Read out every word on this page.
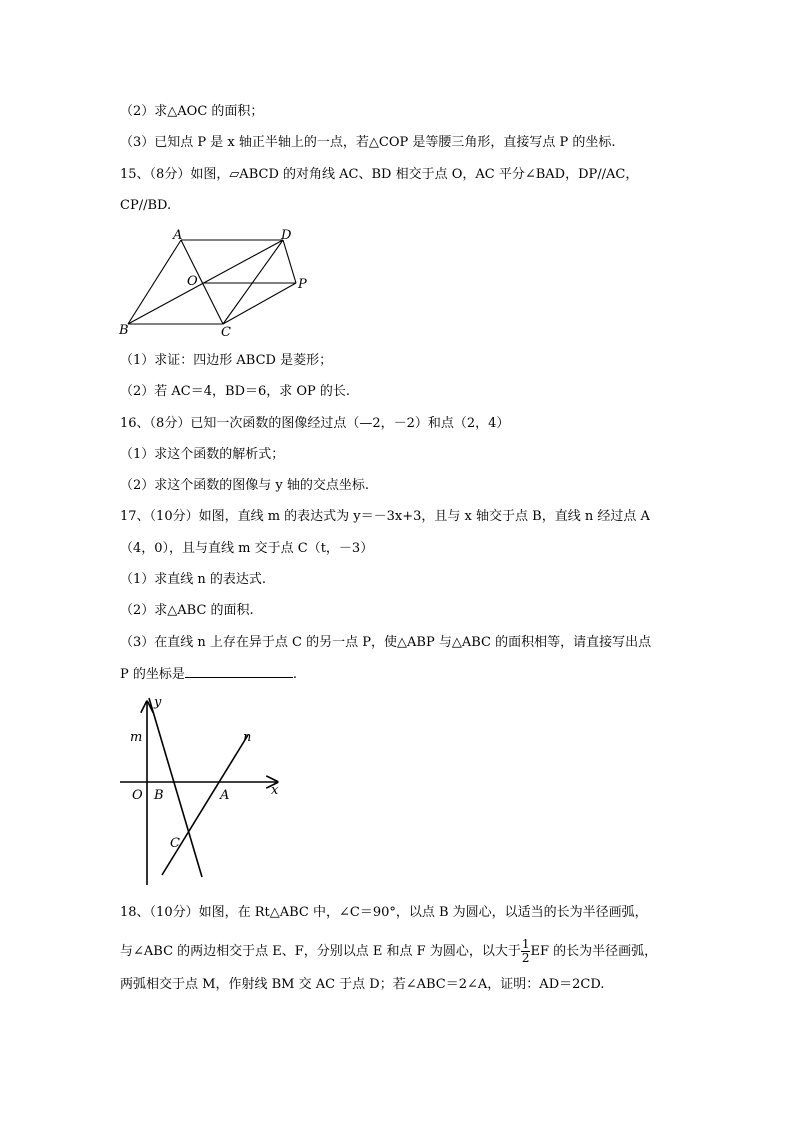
（2）求△AOC 的面积；
（3）已知点 P 是 x 轴正半轴上的一点，若△COP 是等腰三角形，直接写点 P 的坐标.
15、（8分）如图，▱ABCD 的对角线 AC、BD 相交于点 O，AC 平分∠BAD，DP//AC，
CP//BD.
A	D
O	P
B	C
（1）求证：四边形 ABCD 是菱形；
（2）若 AC＝4，BD＝6，求 OP 的长.
16、（8分）已知一次函数的图像经过点（—2，－2）和点（2，4）
（1）求这个函数的解析式；
（2）求这个函数的图像与 y 轴的交点坐标.
17、（10分）如图，直线 m 的表达式为 y＝－3x+3，且与 x 轴交于点 B，直线 n 经过点 A
（4，0），且与直线 m 交于点 C（t，－3）
（1）求直线 n 的表达式.
（2）求△ABC 的面积.
（3）在直线 n 上存在异于点 C 的另一点 P，使△ABP 与△ABC 的面积相等，请直接写出点
P 的坐标是	.
y
x
m	n
O B	A
C
18、（10分）如图，在 Rt△ABC 中，∠C＝90°，以点 B 为圆心，以适当的长为半径画弧，
与∠ABC 的两边相交于点 E、F，分别以点 E 和点 F 为圆心，以大于 $\frac{1}{2}$ EF 的长为半径画弧，
两弧相交于点 M，作射线 BM 交 AC 于点 D；若∠ABC＝2∠A，证明：AD＝2CD.
